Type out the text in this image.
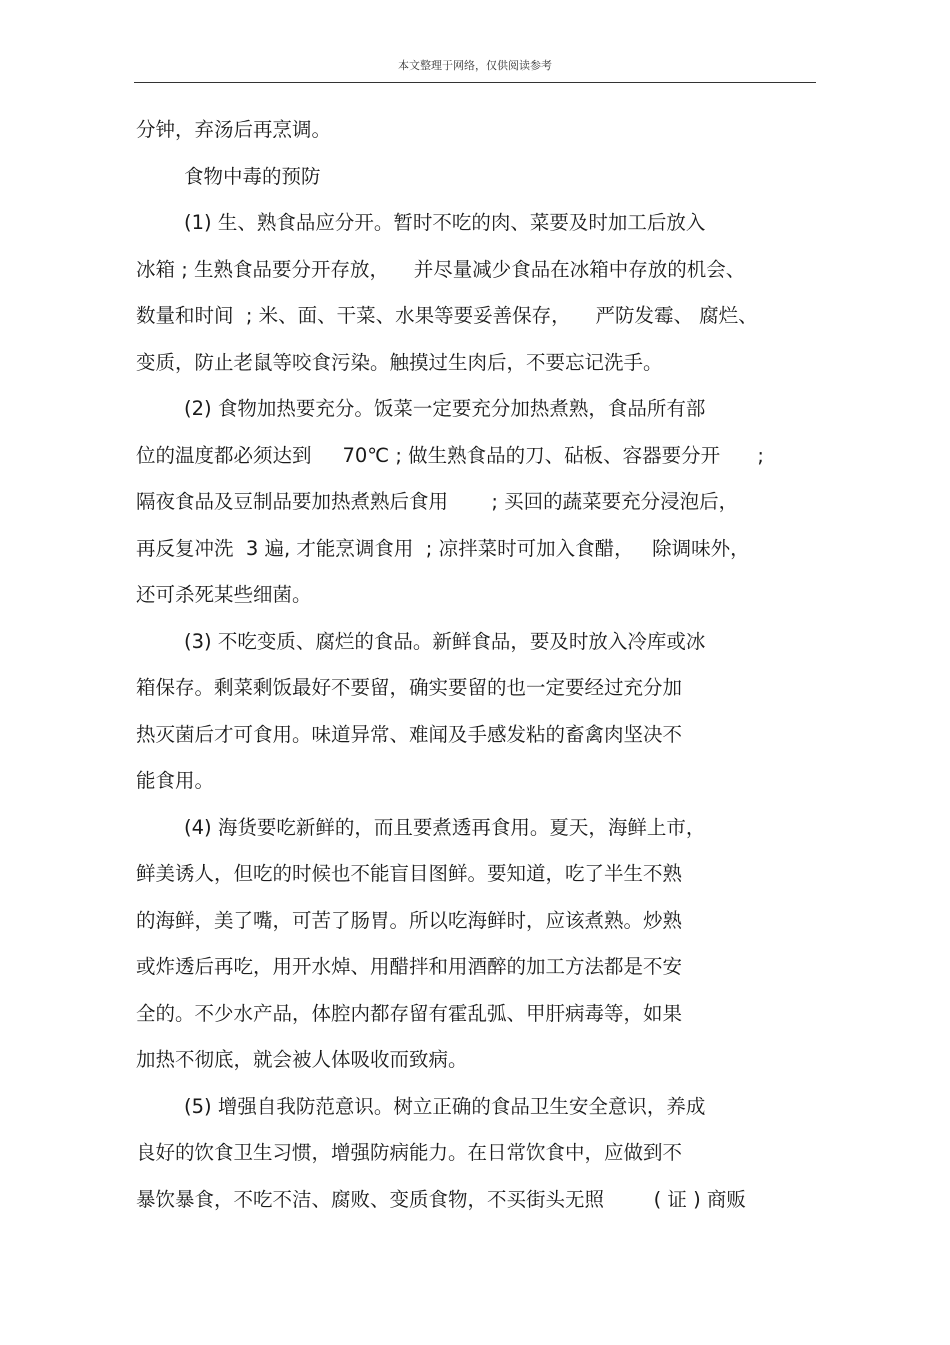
本文整理于网络，仅供阅读参考
分钟，弃汤后再烹调。
食物中毒的预防
(1) 生、熟食品应分开。暂时不吃的肉、菜要及时加工后放入
冰箱 ; 生熟食品要分开存放，    并尽量减少食品在冰箱中存放的机会、
数量和时间  ; 米、面、干菜、水果等要妥善保存，    严防发霉、 腐烂、
变质，防止老鼠等咬食污染。触摸过生肉后，不要忘记洗手。
(2) 食物加热要充分。饭菜一定要充分加热煮熟，食品所有部
位的温度都必须达到     70℃ ; 做生熟食品的刀、砧板、容器要分开      ;
隔夜食品及豆制品要加热煮熟后食用       ; 买回的蔬菜要充分浸泡后，
再反复冲洗  3 遍, 才能烹调食用  ; 凉拌菜时可加入食醋，   除调味外，
还可杀死某些细菌。
(3) 不吃变质、腐烂的食品。新鲜食品，要及时放入冷库或冰
箱保存。剩菜剩饭最好不要留，确实要留的也一定要经过充分加
热灭菌后才可食用。味道异常、难闻及手感发粘的畜禽肉坚决不
能食用。
(4) 海货要吃新鲜的，而且要煮透再食用。夏天，海鲜上市，
鲜美诱人，但吃的时候也不能盲目图鲜。要知道，吃了半生不熟
的海鲜，美了嘴，可苦了肠胃。所以吃海鲜时，应该煮熟。炒熟
或炸透后再吃，用开水焯、用醋拌和用酒醉的加工方法都是不安
全的。不少水产品，体腔内都存留有霍乱弧、甲肝病毒等，如果
加热不彻底，就会被人体吸收而致病。
(5) 增强自我防范意识。树立正确的食品卫生安全意识，养成
良好的饮食卫生习惯，增强防病能力。在日常饮食中，应做到不
暴饮暴食，不吃不洁、腐败、变质食物，不买街头无照        ( 证 ) 商贩
